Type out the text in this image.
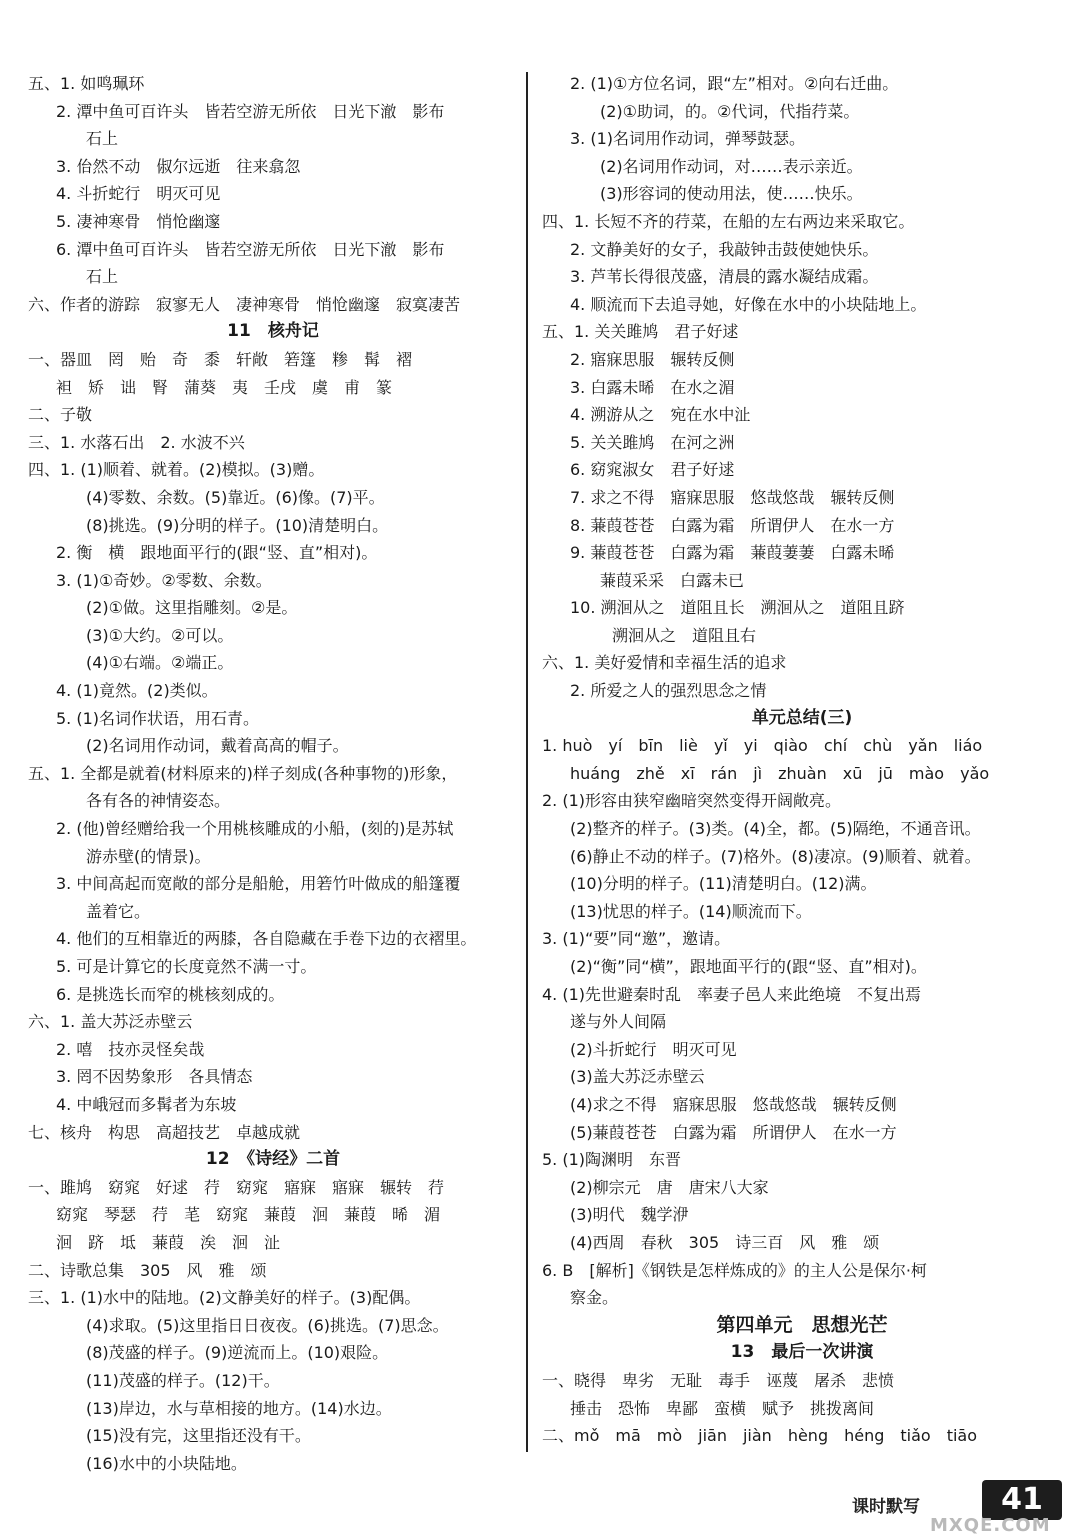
五、1. 如鸣珮环
2. 潭中鱼可百许头　皆若空游无所依　日光下澈　影布
石上
3. 佁然不动　俶尔远逝　往来翕忽
4. 斗折蛇行　明灭可见
5. 凄神寒骨　悄怆幽邃
6. 潭中鱼可百许头　皆若空游无所依　日光下澈　影布
石上
六、作者的游踪　寂寥无人　凄神寒骨　悄怆幽邃　寂寞凄苦
11　核舟记
一、器皿　罔　贻　奇　黍　轩敞　箬篷　糁　髯　褶
袒　矫　诎　腎　蒲葵　夷　壬戌　虞　甫　篆
二、子敬
三、1. 水落石出　2. 水波不兴
四、1. (1)顺着、就着。(2)模拟。(3)赠。
(4)零数、余数。(5)靠近。(6)像。(7)平。
(8)挑选。(9)分明的样子。(10)清楚明白。
2. 衡　横　跟地面平行的(跟“竖、直”相对)。
3. (1)①奇妙。②零数、余数。
(2)①做。这里指雕刻。②是。
(3)①大约。②可以。
(4)①右端。②端正。
4. (1)竟然。(2)类似。
5. (1)名词作状语，用石青。
(2)名词用作动词，戴着高高的帽子。
五、1. 全都是就着(材料原来的)样子刻成(各种事物的)形象，
各有各的神情姿态。
2. (他)曾经赠给我一个用桃核雕成的小船，(刻的)是苏轼
游赤壁(的情景)。
3. 中间高起而宽敞的部分是船舱，用箬竹叶做成的船篷覆
盖着它。
4. 他们的互相靠近的两膝，各自隐藏在手卷下边的衣褶里。
5. 可是计算它的长度竟然不满一寸。
6. 是挑选长而窄的桃核刻成的。
六、1. 盖大苏泛赤壁云
2. 嘻　技亦灵怪矣哉
3. 罔不因势象形　各具情态
4. 中峨冠而多髯者为东坡
七、核舟　构思　高超技艺　卓越成就
12　《诗经》二首
一、雎鸠　窈窕　好逑　荇　窈窕　寤寐　寤寐　辗转　荇
窈窕　琴瑟　荇　芼　窈窕　蒹葭　洄　蒹葭　晞　湄
洄　跻　坻　蒹葭　涘　洄　沚
二、诗歌总集　305　风　雅　颂
三、1. (1)水中的陆地。(2)文静美好的样子。(3)配偶。
(4)求取。(5)这里指日日夜夜。(6)挑选。(7)思念。
(8)茂盛的样子。(9)逆流而上。(10)艰险。
(11)茂盛的样子。(12)干。
(13)岸边，水与草相接的地方。(14)水边。
(15)没有完，这里指还没有干。
(16)水中的小块陆地。
2. (1)①方位名词，跟“左”相对。②向右迁曲。
(2)①助词，的。②代词，代指荇菜。
3. (1)名词用作动词，弹琴鼓瑟。
(2)名词用作动词，对……表示亲近。
(3)形容词的使动用法，使……快乐。
四、1. 长短不齐的荇菜，在船的左右两边来采取它。
2. 文静美好的女子，我敲钟击鼓使她快乐。
3. 芦苇长得很茂盛，清晨的露水凝结成霜。
4. 顺流而下去追寻她，好像在水中的小块陆地上。
五、1. 关关雎鸠　君子好逑
2. 寤寐思服　辗转反侧
3. 白露未晞　在水之湄
4. 溯游从之　宛在水中沚
5. 关关雎鸠　在河之洲
6. 窈窕淑女　君子好逑
7. 求之不得　寤寐思服　悠哉悠哉　辗转反侧
8. 蒹葭苍苍　白露为霜　所谓伊人　在水一方
9. 蒹葭苍苍　白露为霜　蒹葭萋萋　白露未晞
蒹葭采采　白露未已
10. 溯洄从之　道阻且长　溯洄从之　道阻且跻
溯洄从之　道阻且右
六、1. 美好爱情和幸福生活的追求
2. 所爱之人的强烈思念之情
单元总结(三)
1. huò　yí　bīn　liè　yǐ　yi　qiào　chí　chù　yǎn　liáo
huáng　zhě　xī　rán　jì　zhuàn　xū　jū　mào　yǎo
2. (1)形容由狭窄幽暗突然变得开阔敞亮。
(2)整齐的样子。(3)类。(4)全，都。(5)隔绝，不通音讯。
(6)静止不动的样子。(7)格外。(8)凄凉。(9)顺着、就着。
(10)分明的样子。(11)清楚明白。(12)满。
(13)忧思的样子。(14)顺流而下。
3. (1)“要”同“邀”，邀请。
(2)“衡”同“横”，跟地面平行的(跟“竖、直”相对)。
4. (1)先世避秦时乱　率妻子邑人来此绝境　不复出焉
遂与外人间隔
(2)斗折蛇行　明灭可见
(3)盖大苏泛赤壁云
(4)求之不得　寤寐思服　悠哉悠哉　辗转反侧
(5)蒹葭苍苍　白露为霜　所谓伊人　在水一方
5. (1)陶渊明　东晋
(2)柳宗元　唐　唐宋八大家
(3)明代　魏学洢
(4)西周　春秋　305　诗三百　风　雅　颂
6. B　[解析]《钢铁是怎样炼成的》的主人公是保尔·柯
察金。
第四单元　思想光芒
13　最后一次讲演
一、晓得　卑劣　无耻　毒手　诬蔑　屠杀　悲愤
捶击　恐怖　卑鄙　蛮横　赋予　挑拨离间
二、mǒ　mā　mò　jiān　jiàn　hèng　héng　tiǎo　tiāo
课时默写	41
MXQE.COM
